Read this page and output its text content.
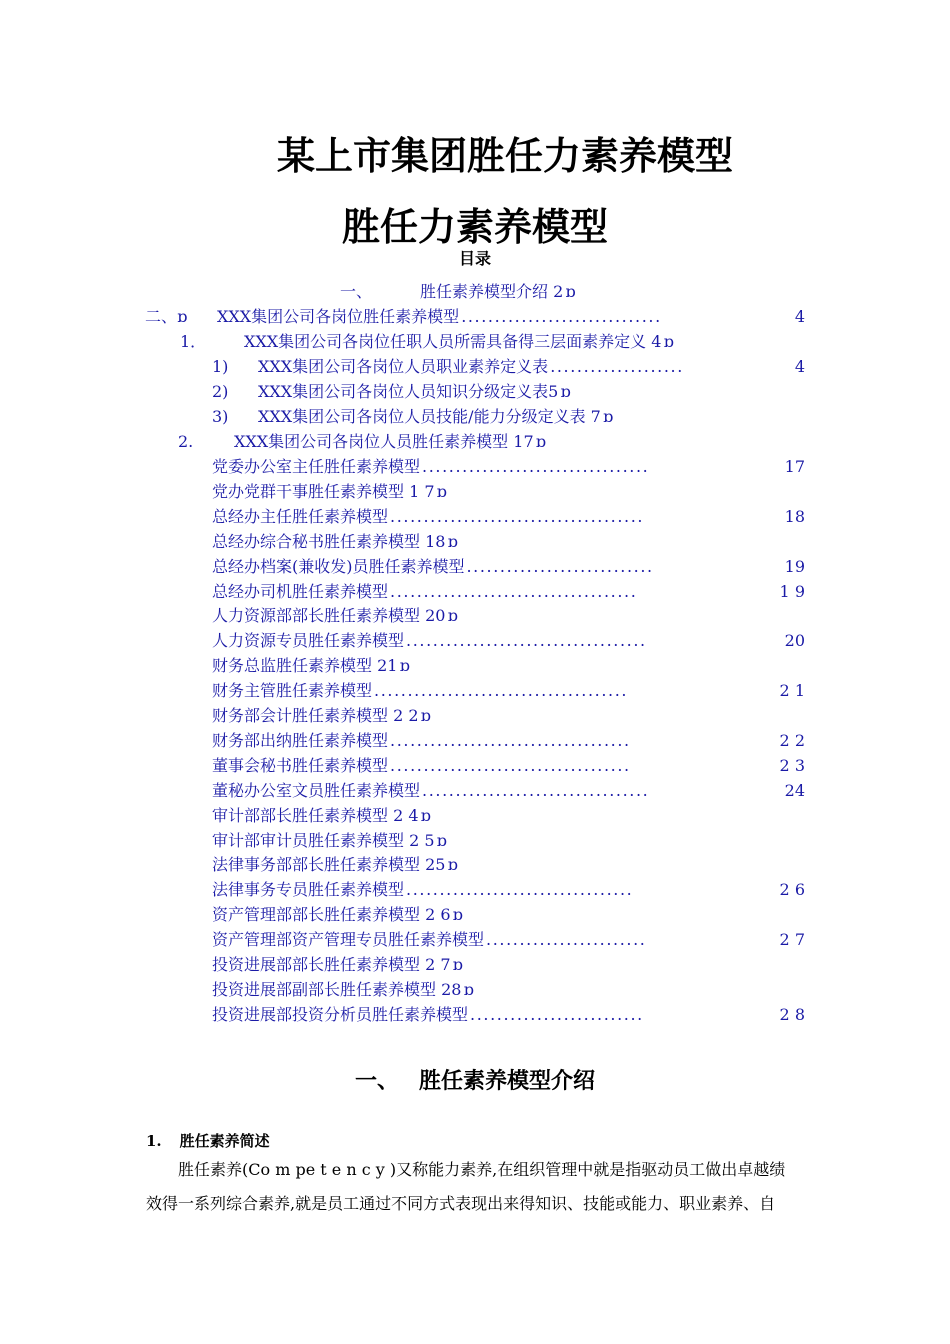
某上市集团胜任力素养模型
胜任力素养模型
目录
一、	胜任素养模型介绍 2 ɒ
二、ɒ	XXX集团公司各岗位胜任素养模型 ..............................	4
1．	XXX集团公司各岗位任职人员所需具备得三层面素养定义 4 ɒ
1)	XXX集团公司各岗位人员职业素养定义表 ....................	4
2)	XXX集团公司各岗位人员知识分级定义表5 ɒ
3)	XXX集团公司各岗位人员技能/能力分级定义表 7 ɒ
2.	XXX集团公司各岗位人员胜任素养模型 17 ɒ
党委办公室主任胜任素养模型 ..................................	17
党办党群干事胜任素养模型 1 7 ɒ
总经办主任胜任素养模型 ......................................	18
总经办综合秘书胜任素养模型 18 ɒ
总经办档案(兼收发)员胜任素养模型 ............................	19
总经办司机胜任素养模型 .....................................	1 9
人力资源部部长胜任素养模型 20 ɒ
人力资源专员胜任素养模型 ....................................	20
财务总监胜任素养模型 21 ɒ
财务主管胜任素养模型 ......................................	2 1
财务部会计胜任素养模型 2 2 ɒ
财务部出纳胜任素养模型 ....................................	2 2
董事会秘书胜任素养模型 ....................................	2 3
董秘办公室文员胜任素养模型 ..................................	24
审计部部长胜任素养模型 2 4 ɒ
审计部审计员胜任素养模型 2 5 ɒ
法律事务部部长胜任素养模型 25 ɒ
法律事务专员胜任素养模型 ..................................	2 6
资产管理部部长胜任素养模型 2 6 ɒ
资产管理部资产管理专员胜任素养模型 ........................	2 7
投资进展部部长胜任素养模型 2 7 ɒ
投资进展部副部长胜任素养模型 28 ɒ
投资进展部投资分析员胜任素养模型 ..........................	2 8
一、 胜任素养模型介绍
1. 胜任素养简述
胜任素养(Co m pe t e n c y )又称能力素养,在组织管理中就是指驱动员工做出卓越绩
效得一系列综合素养,就是员工通过不同方式表现出来得知识、技能或能力、职业素养、自
